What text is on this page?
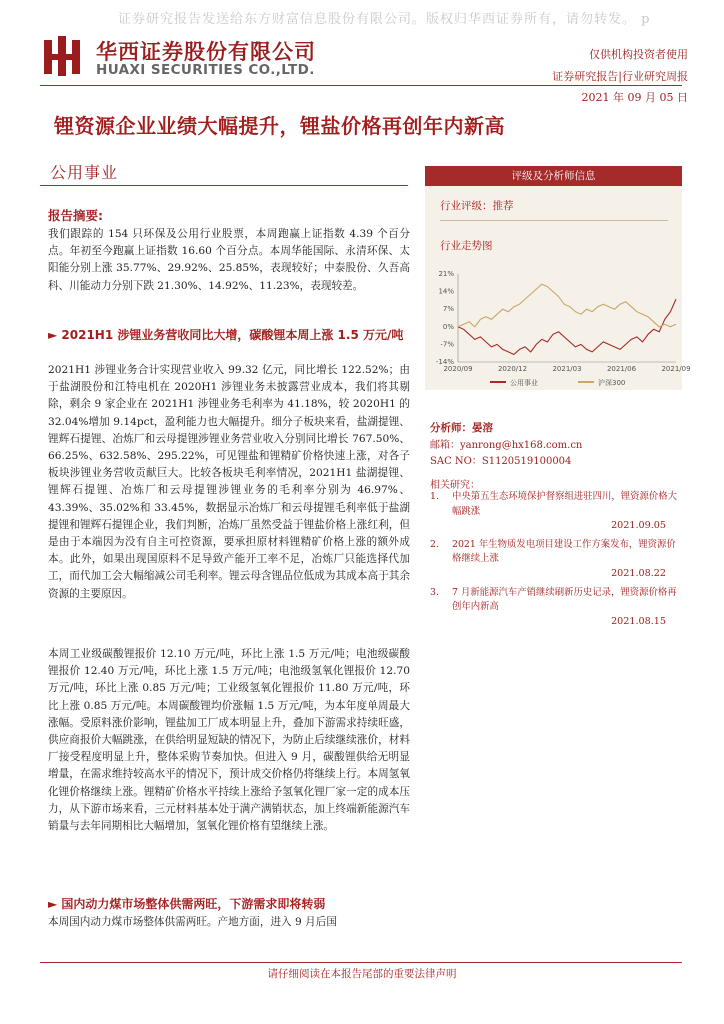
证券研究报告发送给东方财富信息股份有限公司。版权归华西证券所有，请勿转发。 p
华西证券股份有限公司
HUAXI SECURITIES CO.,LTD.
仅供机构投资者使用
证券研究报告|行业研究周报
2021 年 09 月 05 日
锂资源企业业绩大幅提升，锂盐价格再创年内新高
公用事业
报告摘要:
我们跟踪的 154 只环保及公用行业股票，本周跑赢上证指数 4.39 个百分点。年初至今跑赢上证指数 16.60 个百分点。本周华能国际、永清环保、太阳能分别上涨 35.77%、29.92%、25.85%，表现较好；中泰股份、久吾高科、川能动力分别下跌 21.30%、14.92%、11.23%，表现较差。
► 2021H1 涉锂业务营收同比大增，碳酸锂本周上涨 1.5 万元/吨
2021H1 涉锂业务合计实现营业收入 99.32 亿元，同比增长 122.52%；由于盐湖股份和江特电机在 2020H1 涉锂业务未披露营业成本，我们将其剔除，剩余 9 家企业在 2021H1 涉锂业务毛利率为 41.18%，较 2020H1 的 32.04%增加 9.14pct，盈利能力也大幅提升。细分子板块来看，盐湖提锂、锂辉石提锂、冶炼厂和云母提锂涉锂业务营业收入分别同比增长 767.50%、66.25%、632.58%、295.22%，可见锂盐和锂精矿价格快速上涨，对各子板块涉锂业务营收贡献巨大。比较各板块毛利率情况，2021H1 盐湖提锂、锂辉石提锂、冶炼厂和云母提锂涉锂业务的毛利率分别为 46.97%、43.39%、35.02%和 33.45%，数据显示冶炼厂和云母提锂毛利率低于盐湖提锂和锂辉石提锂企业，我们判断，冶炼厂虽然受益于锂盐价格上涨红利，但是由于本端因为没有自主可控资源，要承担原材料锂精矿价格上涨的额外成本。此外，如果出现国原料不足导致产能开工率不足，冶炼厂只能选择代加工，而代加工会大幅缩减公司毛利率。锂云母含锂品位低成为其成本高于其余资源的主要原因。
本周工业级碳酸锂报价 12.10 万元/吨，环比上涨 1.5 万元/吨；电池级碳酸锂报价 12.40 万元/吨，环比上涨 1.5 万元/吨；电池级氢氧化锂报价 12.70 万元/吨，环比上涨 0.85 万元/吨；工业级氢氧化锂报价 11.80 万元/吨，环比上涨 0.85 万元/吨。本周碳酸锂均价涨幅 1.5 万元/吨，为本年度单周最大涨幅。受原料涨价影响，锂盐加工厂成本明显上升，叠加下游需求持续旺盛，供应商报价大幅跳涨，在供给明显短缺的情况下，为防止后续继续涨价，材料厂接受程度明显上升，整体采购节奏加快。但进入 9 月，碳酸锂供给无明显增量，在需求维持较高水平的情况下，预计成交价格仍将继续上行。本周氢氧化锂价格继续上涨。锂精矿价格水平持续上涨给予氢氧化锂厂家一定的成本压力，从下游市场来看，三元材料基本处于满产满销状态，加上终端新能源汽车销量与去年同期相比大幅增加，氢氧化锂价格有望继续上涨。
► 国内动力煤市场整体供需两旺，下游需求即将转弱
本周国内动力煤市场整体供需两旺。产地方面，进入 9 月后国
评级及分析师信息
行业评级：推荐
行业走势图
21%
14%
7%
0%
-7%
-14%
2020/09	2020/12	2021/03	2021/06	2021/09
公用事业	沪深300
分析师：晏溶
邮箱：yanrong@hx168.com.cn
SAC NO：S1120519100004
相关研究：
1.	中央第五生态环境保护督察组进驻四川，锂资源价格大幅跳涨
2021.09.05
2.	2021 年生物质发电项目建设工作方案发布，锂资源价格继续上涨
2021.08.22
3.	7 月新能源汽车产销继续刷新历史记录，锂资源价格再创年内新高
2021.08.15
请仔细阅读在本报告尾部的重要法律声明
